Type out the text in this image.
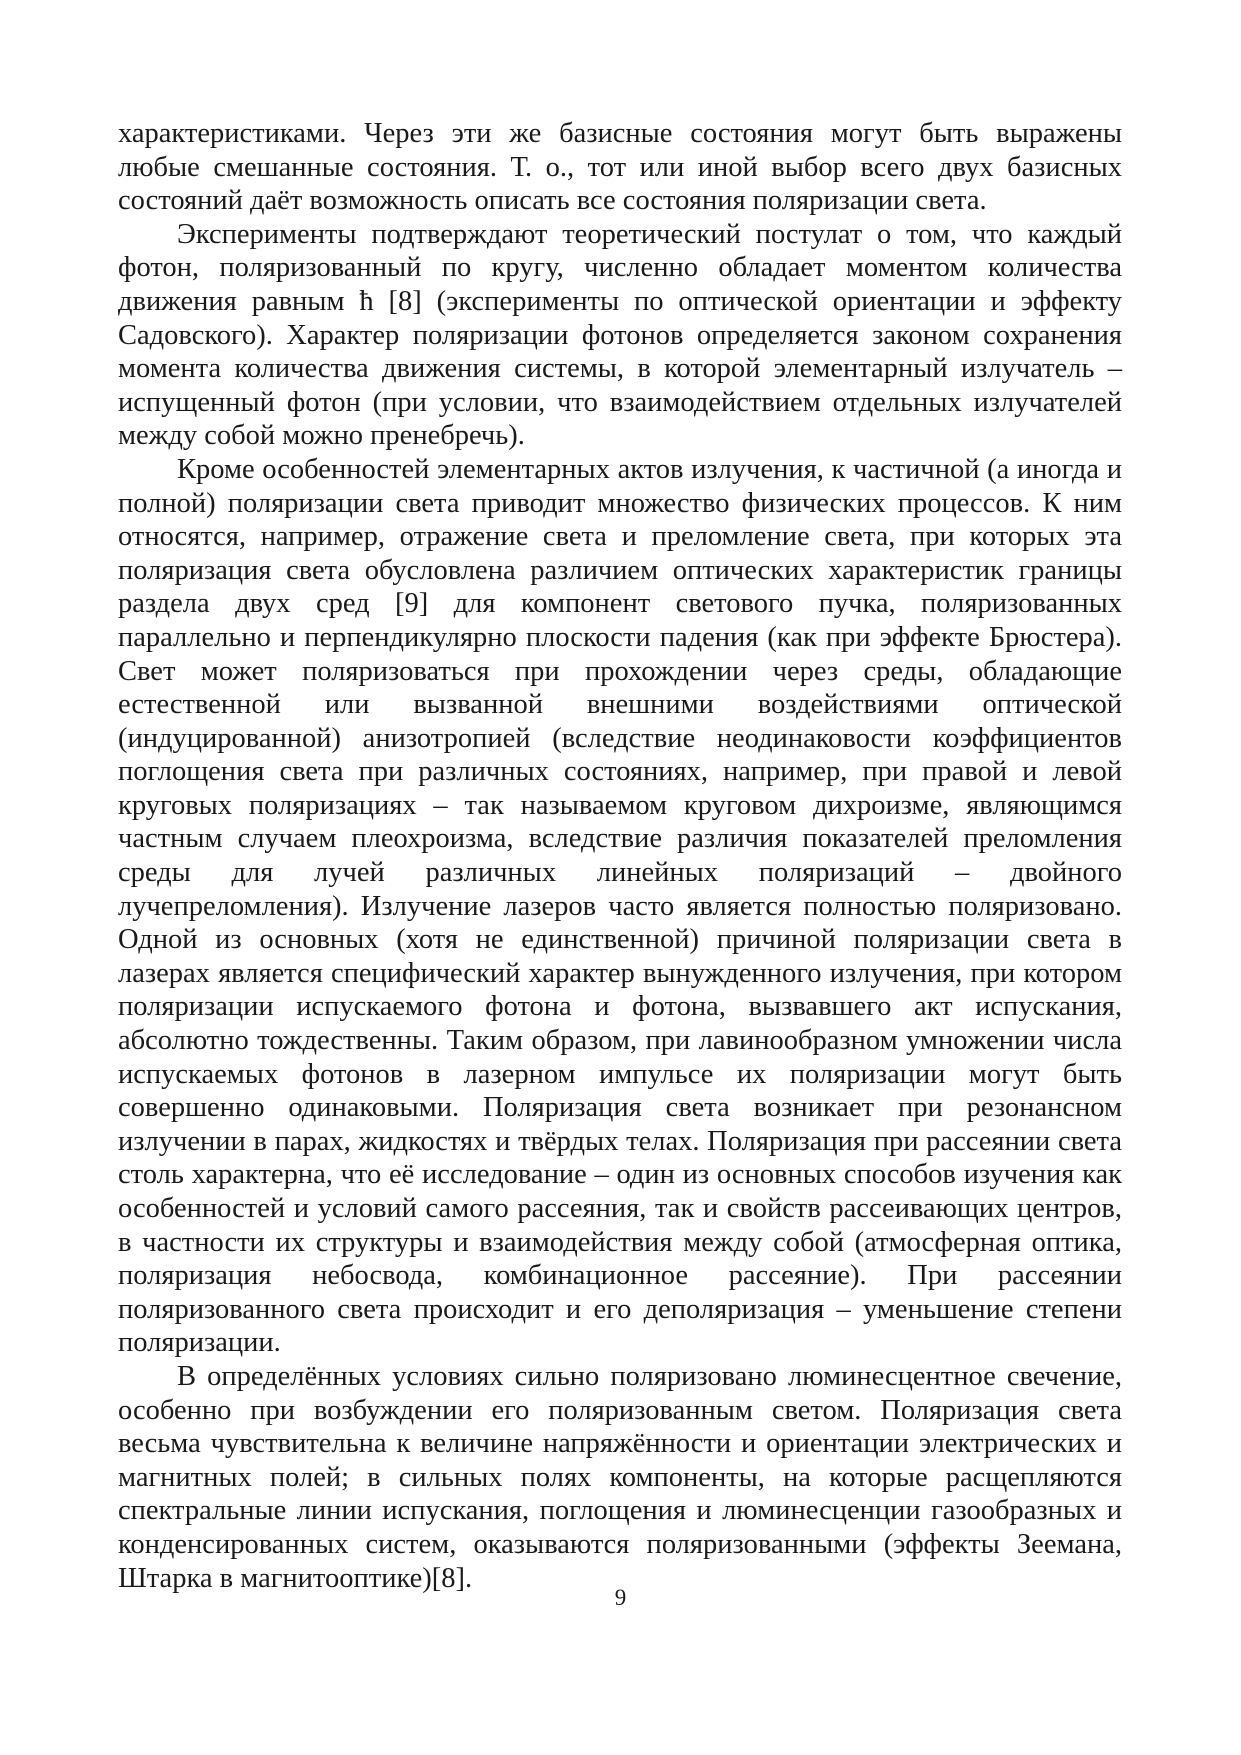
характеристиками. Через эти же базисные состояния могут быть выражены любые смешанные состояния. Т. о., тот или иной выбор всего двух базисных состояний даёт возможность описать все состояния поляризации света.

Эксперименты подтверждают теоретический постулат о том, что каждый фотон, поляризованный по кругу, численно обладает моментом количества движения равным ħ [8] (эксперименты по оптической ориентации и эффекту Садовского). Характер поляризации фотонов определяется законом сохранения момента количества движения системы, в которой элементарный излучатель – испущенный фотон (при условии, что взаимодействием отдельных излучателей между собой можно пренебречь).

Кроме особенностей элементарных актов излучения, к частичной (а иногда и полной) поляризации света приводит множество физических процессов. К ним относятся, например, отражение света и преломление света, при которых эта поляризация света обусловлена различием оптических характеристик границы раздела двух сред [9] для компонент светового пучка, поляризованных параллельно и перпендикулярно плоскости падения (как при эффекте Брюстера). Свет может поляризоваться при прохождении через среды, обладающие естественной или вызванной внешними воздействиями оптической (индуцированной) анизотропией (вследствие неодинаковости коэффициентов поглощения света при различных состояниях, например, при правой и левой круговых поляризациях – так называемом круговом дихроизме, являющимся частным случаем плеохроизма, вследствие различия показателей преломления среды для лучей различных линейных поляризаций – двойного лучепреломления). Излучение лазеров часто является полностью поляризовано. Одной из основных (хотя не единственной) причиной поляризации света в лазерах является специфический характер вынужденного излучения, при котором поляризации испускаемого фотона и фотона, вызвавшего акт испускания, абсолютно тождественны. Таким образом, при лавинообразном умножении числа испускаемых фотонов в лазерном импульсе их поляризации могут быть совершенно одинаковыми. Поляризация света возникает при резонансном излучении в парах, жидкостях и твёрдых телах. Поляризация при рассеянии света столь характерна, что её исследование – один из основных способов изучения как особенностей и условий самого рассеяния, так и свойств рассеивающих центров, в частности их структуры и взаимодействия между собой (атмосферная оптика, поляризация небосвода, комбинационное рассеяние). При рассеянии поляризованного света происходит и его деполяризация – уменьшение степени поляризации.

В определённых условиях сильно поляризовано люминесцентное свечение, особенно при возбуждении его поляризованным светом. Поляризация света весьма чувствительна к величине напряжённости и ориентации электрических и магнитных полей; в сильных полях компоненты, на которые расщепляются спектральные линии испускания, поглощения и люминесценции газообразных и конденсированных систем, оказываются поляризованными (эффекты Зеемана, Штарка в магнитооптике)[8].

9
